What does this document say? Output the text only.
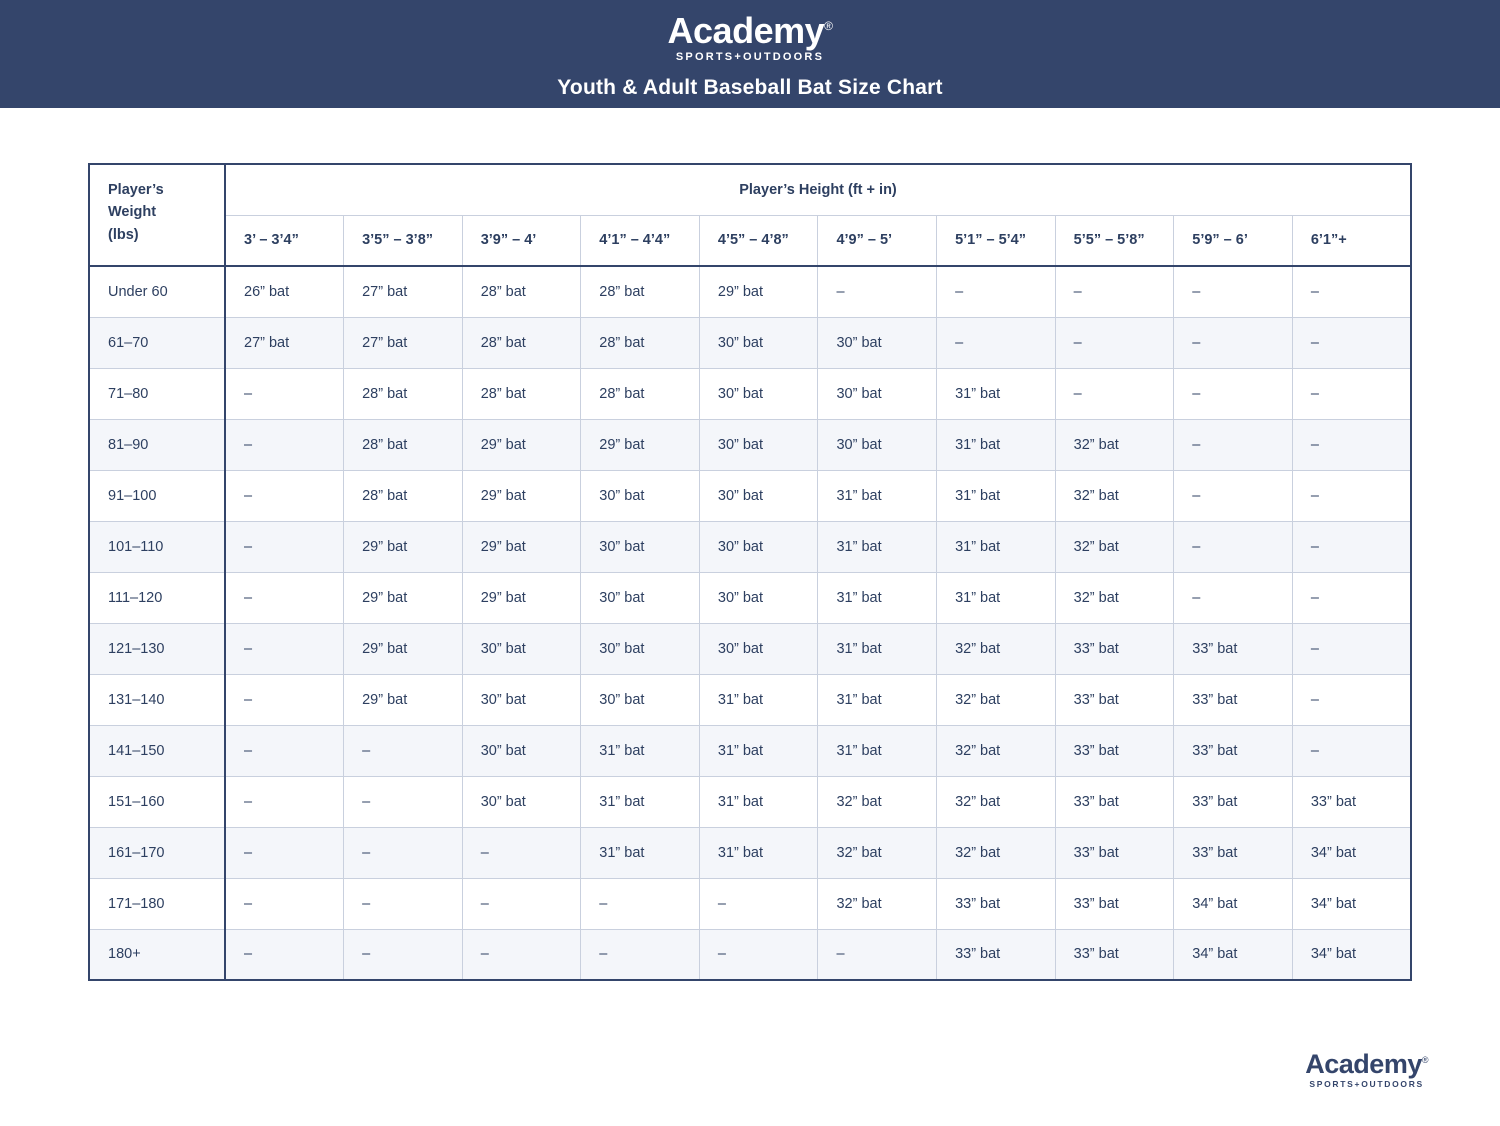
Academy®
SPORTS+OUTDOORS
Youth & Adult Baseball Bat Size Chart
Player’s
Weight
(lbs)	Player’s Height (ft + in)									
	3’ – 3’4”	3’5” – 3’8”	3’9” – 4’	4’1” – 4’4”	4’5” – 4’8”	4’9” – 5’	5’1” – 5’4”	5’5” – 5’8”	5’9” – 6’	6’1”+
Under 60	26” bat	27” bat	28” bat	28” bat	29” bat	–	–	–	–	–
61–70	27” bat	27” bat	28” bat	28” bat	30” bat	30” bat	–	–	–	–
71–80	–	28” bat	28” bat	28” bat	30” bat	30” bat	31” bat	–	–	–
81–90	–	28” bat	29” bat	29” bat	30” bat	30” bat	31” bat	32” bat	–	–
91–100	–	28” bat	29” bat	30” bat	30” bat	31” bat	31” bat	32” bat	–	–
101–110	–	29” bat	29” bat	30” bat	30” bat	31” bat	31” bat	32” bat	–	–
111–120	–	29” bat	29” bat	30” bat	30” bat	31” bat	31” bat	32” bat	–	–
121–130	–	29” bat	30” bat	30” bat	30” bat	31” bat	32” bat	33” bat	33” bat	–
131–140	–	29” bat	30” bat	30” bat	31” bat	31” bat	32” bat	33” bat	33” bat	–
141–150	–	–	30” bat	31” bat	31” bat	31” bat	32” bat	33” bat	33” bat	–
151–160	–	–	30” bat	31” bat	31” bat	32” bat	32” bat	33” bat	33” bat	33” bat
161–170	–	–	–	31” bat	31” bat	32” bat	32” bat	33” bat	33” bat	34” bat
171–180	–	–	–	–	–	32” bat	33” bat	33” bat	34” bat	34” bat
180+	–	–	–	–	–	–	33” bat	33” bat	34” bat	34” bat
Academy®
SPORTS+OUTDOORS
